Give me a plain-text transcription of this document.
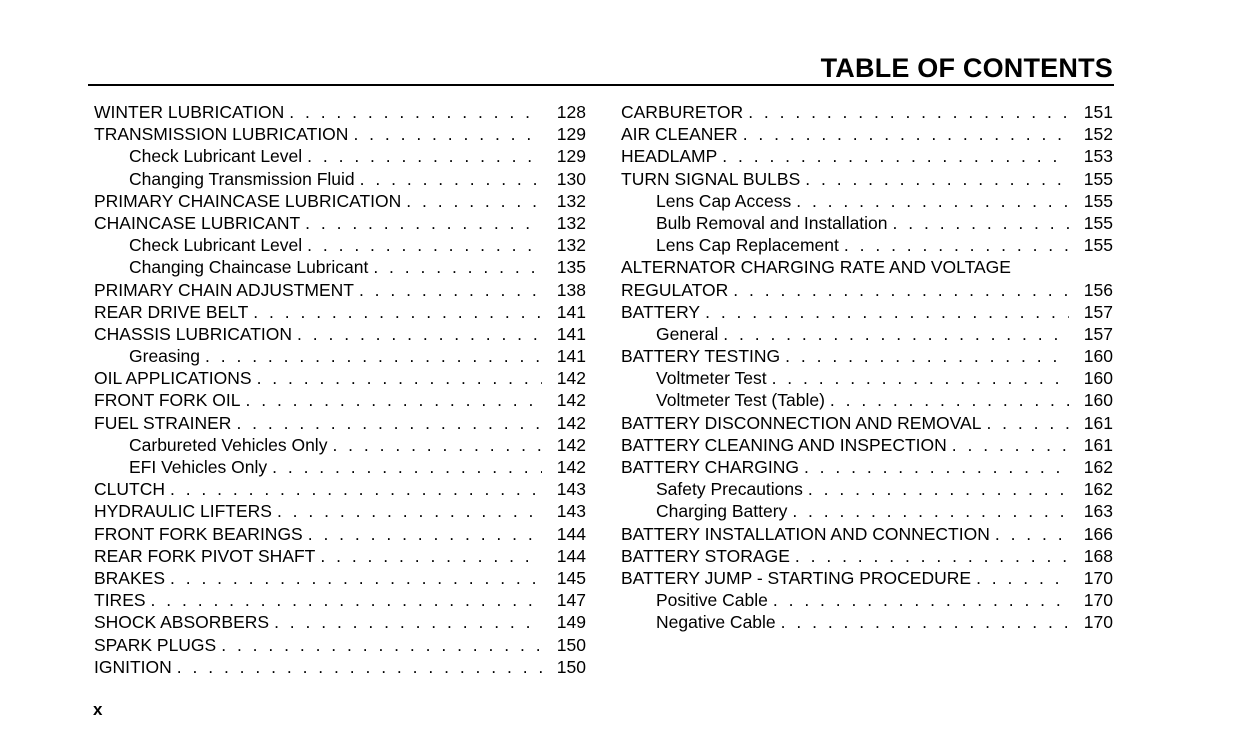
TABLE OF CONTENTS
WINTER LUBRICATION . . .	128
TRANSMISSION LUBRICATION . . .	129
Check Lubricant Level . . .	129
Changing Transmission Fluid . . .	130
PRIMARY CHAINCASE LUBRICATION . . .	132
CHAINCASE LUBRICANT . . .	132
Check Lubricant Level . . .	132
Changing Chaincase Lubricant . . .	135
PRIMARY CHAIN ADJUSTMENT . . .	138
REAR DRIVE BELT . . .	141
CHASSIS LUBRICATION . . .	141
Greasing . . .	141
OIL APPLICATIONS . . .	142
FRONT FORK OIL . . .	142
FUEL STRAINER . . .	142
Carbureted Vehicles Only . . .	142
EFI Vehicles Only . . .	142
CLUTCH . . .	143
HYDRAULIC LIFTERS . . .	143
FRONT FORK BEARINGS . . .	144
REAR FORK PIVOT SHAFT . . .	144
BRAKES . . .	145
TIRES . . .	147
SHOCK ABSORBERS . . .	149
SPARK PLUGS . . .	150
IGNITION . . .	150
CARBURETOR . . .	151
AIR CLEANER . . .	152
HEADLAMP . . .	153
TURN SIGNAL BULBS . . .	155
Lens Cap Access . . .	155
Bulb Removal and Installation . . .	155
Lens Cap Replacement . . .	155
ALTERNATOR CHARGING RATE AND VOLTAGE
REGULATOR . . .	156
BATTERY . . .	157
General . . .	157
BATTERY TESTING . . .	160
Voltmeter Test . . .	160
Voltmeter Test (Table) . . .	160
BATTERY DISCONNECTION AND REMOVAL . . .	161
BATTERY CLEANING AND INSPECTION . . .	161
BATTERY CHARGING . . .	162
Safety Precautions . . .	162
Charging Battery . . .	163
BATTERY INSTALLATION AND CONNECTION . . .	166
BATTERY STORAGE . . .	168
BATTERY JUMP - STARTING PROCEDURE . . .	170
Positive Cable . . .	170
Negative Cable . . .	170
x
